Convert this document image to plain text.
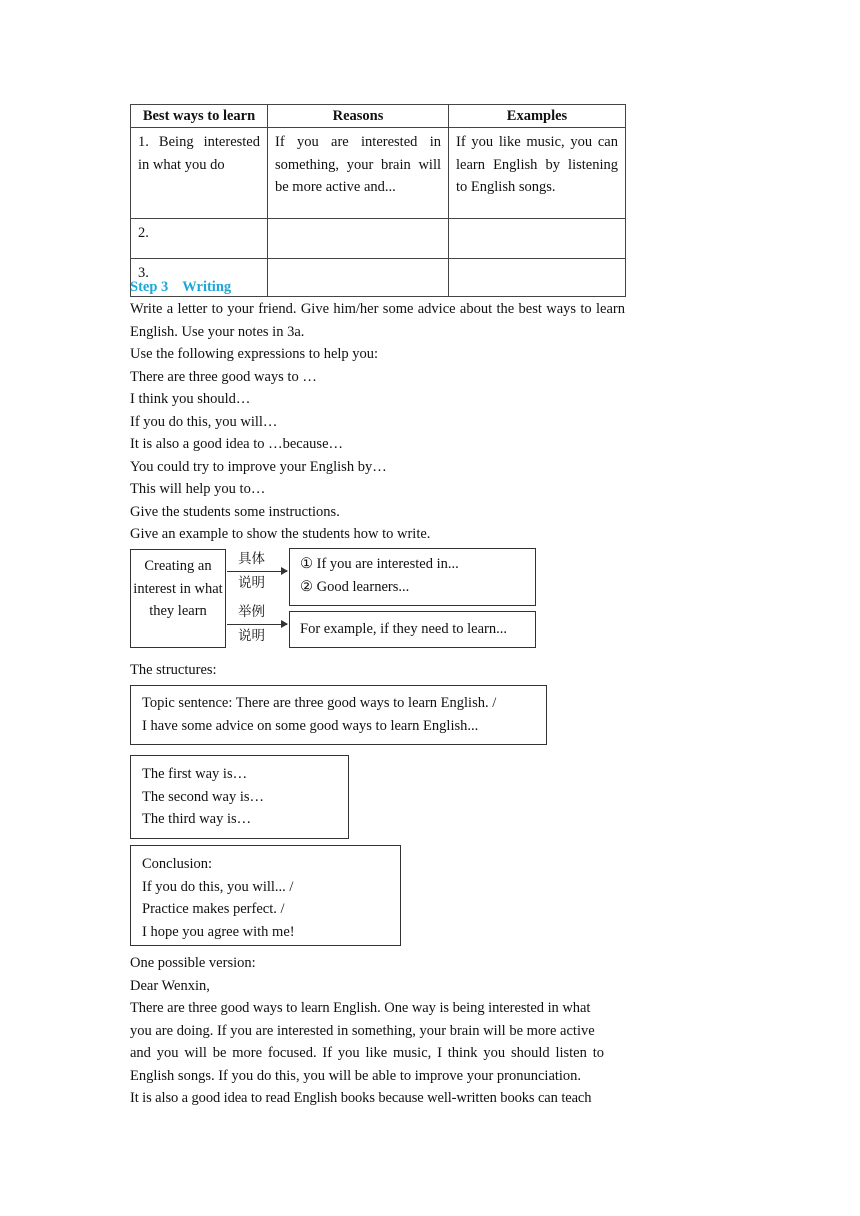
Best ways to learn	Reasons	Examples
1. Being interested in what you do	If you are interested in something, your brain will be more active and...	If you like music, you can learn English by listening to English songs.
2.		
3.		
Step 3 Writing
Write a letter to your friend. Give him/her some advice about the best ways to learn English. Use your notes in 3a.
Use the following expressions to help you:
There are three good ways to …
I think you should…
If you do this, you will…
It is also a good idea to …because…
You could try to improve your English by…
This will help you to…
Give the students some instructions.
Give an example to show the students how to write.
Creating an interest in what they learn
具体
说明
举例
说明
① If you are interested in...
② Good learners...
For example, if they need to learn...
The structures:
Topic sentence: There are three good ways to learn English. /
I have some advice on some good ways to learn English...
The first way is…
The second way is…
The third way is…
Conclusion:
If you do this, you will... /
Practice makes perfect. /
I hope you agree with me!
One possible version:
Dear Wenxin,
There are three good ways to learn English. One way is being interested in what
you are doing. If you are interested in something, your brain will be more active
and you will be more focused. If you like music, I think you should listen to
English songs. If you do this, you will be able to improve your pronunciation.
It is also a good idea to read English books because well-written books can teach
